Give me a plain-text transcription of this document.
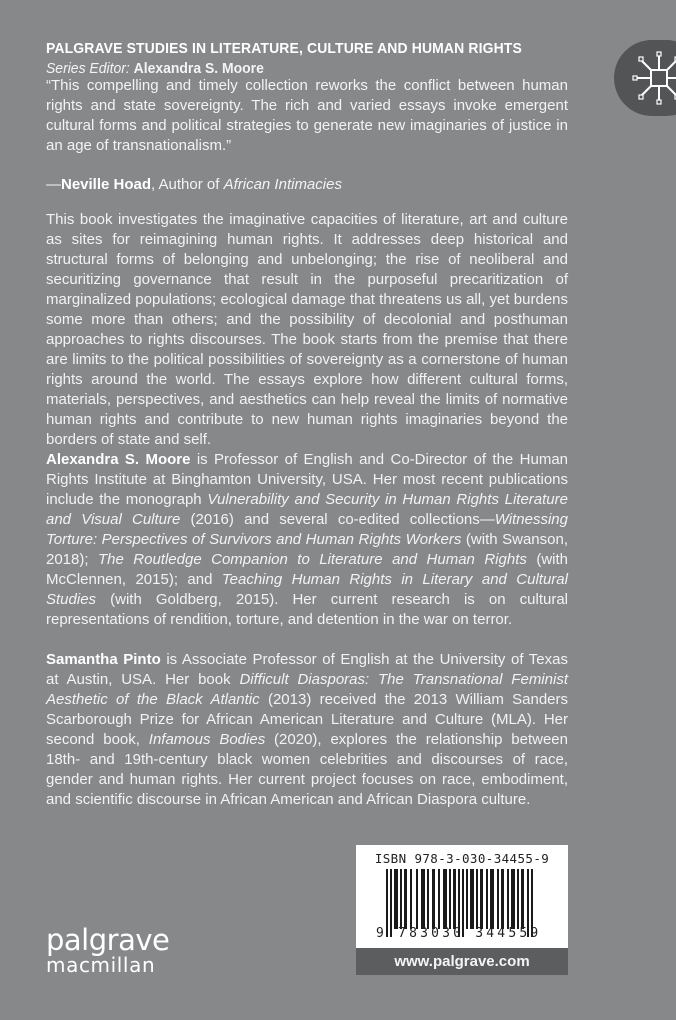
PALGRAVE STUDIES IN LITERATURE, CULTURE AND HUMAN RIGHTS
Series Editor: Alexandra S. Moore
“This compelling and timely collection reworks the conflict between human rights and state sovereignty. The rich and varied essays invoke emergent cultural forms and political strategies to generate new imaginaries of justice in an age of transnationalism.”
—Neville Hoad, Author of African Intimacies
This book investigates the imaginative capacities of literature, art and culture as sites for reimagining human rights. It addresses deep historical and structural forms of belonging and unbelonging; the rise of neoliberal and securitizing governance that result in the purposeful precaritization of marginalized populations; ecological damage that threatens us all, yet burdens some more than others; and the possibility of decolonial and posthuman approaches to rights discourses. The book starts from the premise that there are limits to the political possibilities of sovereignty as a cornerstone of human rights around the world. The essays explore how different cultural forms, materials, perspectives, and aesthetics can help reveal the limits of normative human rights and contribute to new human rights imaginaries beyond the borders of state and self.
Alexandra S. Moore is Professor of English and Co-Director of the Human Rights Institute at Binghamton University, USA. Her most recent publications include the monograph Vulnerability and Security in Human Rights Literature and Visual Culture (2016) and several co-edited collections—Witnessing Torture: Perspectives of Survivors and Human Rights Workers (with Swanson, 2018); The Routledge Companion to Literature and Human Rights (with McClennen, 2015); and Teaching Human Rights in Literary and Cultural Studies (with Goldberg, 2015). Her current research is on cultural representations of rendition, torture, and detention in the war on terror.
Samantha Pinto is Associate Professor of English at the University of Texas at Austin, USA. Her book Difficult Diasporas: The Transnational Feminist Aesthetic of the Black Atlantic (2013) received the 2013 William Sanders Scarborough Prize for African American Literature and Culture (MLA). Her second book, Infamous Bodies (2020), explores the relationship between 18th- and 19th-century black women celebrities and discourses of race, gender and human rights. Her current project focuses on race, embodiment, and scientific discourse in African American and African Diaspora culture.
palgrave
macmillan
ISBN 978-3-030-34455-9
9 783030 344559
www.palgrave.com
